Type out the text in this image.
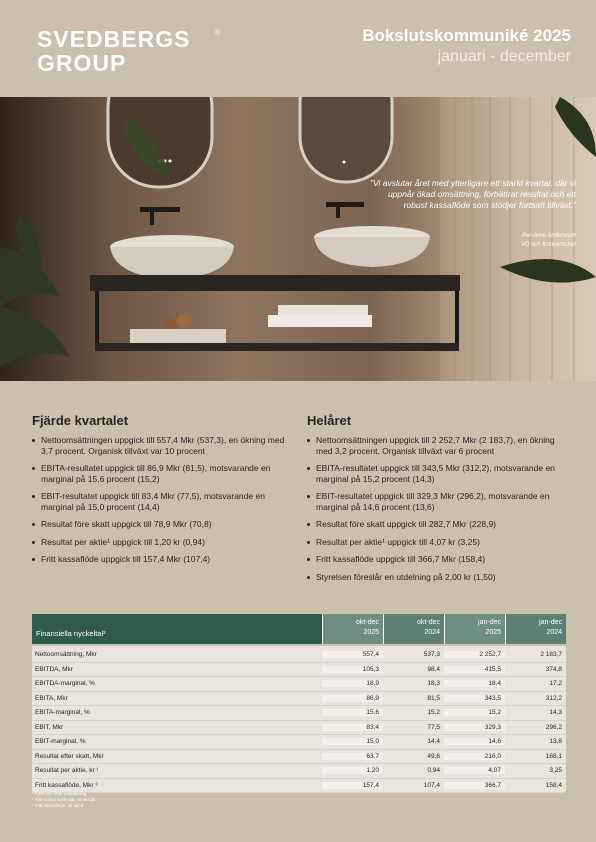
SVEDBERGS
GROUP
®	Bokslutskommuniké 2025
januari - december
”Vi avslutar året med ytterligare ett starkt kvartal, där vi uppnår ökad omsättning, förbättrat resultat och ett robust kassaflöde som stödjer fortsatt tillväxt.”
Per-Arne Andersson
VD och Koncernchef
Fjärde kvartalet
Nettoomsättningen uppgick till 557,4 Mkr (537,3), en ökning med 3,7 procent. Organisk tillväxt var 10 procent
EBITA-resultatet uppgick till 86,9 Mkr (81,5), motsvarande en marginal på 15,6 procent (15,2)
EBIT-resultatet uppgick till 83,4 Mkr (77,5), motsvarande en marginal på 15,0 procent (14,4)
Resultat före skatt uppgick till 78,9 Mkr (70,8)
Resultat per aktie¹ uppgick till 1,20 kr (0,94)
Fritt kassaflöde uppgick till 157,4 Mkr (107,4)
Helåret
Nettoomsättningen uppgick till 2 252,7 Mkr (2 183,7), en ökning med 3,2 procent. Organisk tillväxt var 6 procent
EBITA-resultatet uppgick till 343,5 Mkr (312,2), motsvarande en marginal på 15,2 procent (14,3)
EBIT-resultatet uppgick till 329,3 Mkr (296,2), motsvarande en marginal på 14,6 procent (13,6)
Resultat före skatt uppgick till 282,7 Mkr (228,9)
Resultat per aktie¹ uppgick till 4,07 kr (3,25)
Fritt kassaflöde uppgick till 366,7 Mkr (158,4)
Styrelsen föreslår en utdelning på 2,00 kr (1,50)
Finansiella nyckeltal²
okt-dec
2025
okt-dec
2024
jan-dec
2025
jan-dec
2024
Nettoomsättning, Mkr	557,4	537,3	2 252,7	2 183,7
EBITDA, Mkr	105,3	98,4	415,5	374,8
EBITDA-marginal, %	18,9	18,3	18,4	17,2
EBITA, Mkr	86,9	81,5	343,5	312,2
EBITA-marginal, %	15,6	15,2	15,2	14,3
EBIT, Mkr	83,4	77,5	329,3	296,2
EBIT-marginal, %	15,0	14,4	14,6	13,6
Resultat efter skatt, Mkr	63,7	49,6	216,0	168,1
Resultat per aktie, kr ¹	1,20	0,94	4,07	3,25
Fritt kassaflöde, Mkr ³	157,4	107,4	366,7	158,4
¹ Före och efter utspädning
² Alternativa nyckeltal, se sid 39
³ Fritt kassaflöde, se sid 9
